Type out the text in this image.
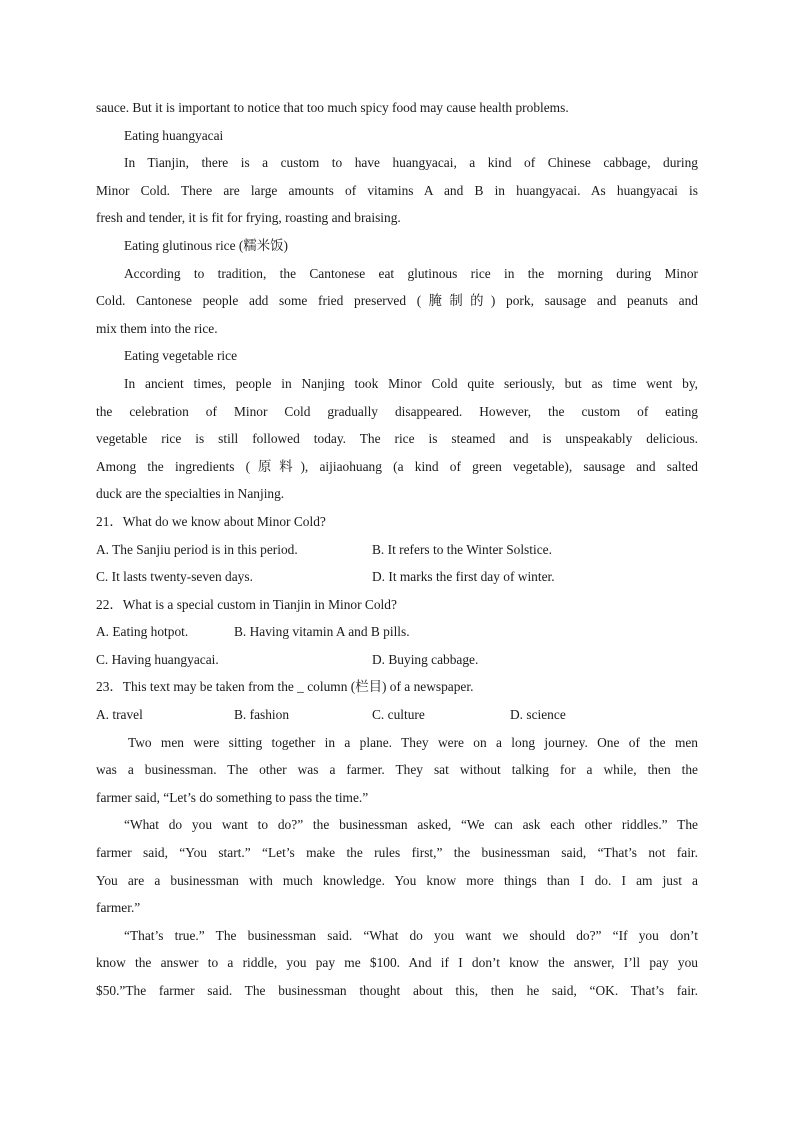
sauce. But it is important to notice that too much spicy food may cause health problems.
Eating huangyacai
In Tianjin, there is a custom to have huangyacai, a kind of Chinese cabbage, during
Minor Cold. There are large amounts of vitamins A and B in huangyacai. As huangyacai is
fresh and tender, it is fit for frying, roasting and braising.
Eating glutinous rice (糯米饭)
According to tradition, the Cantonese eat glutinous rice in the morning during Minor
Cold. Cantonese people add some fried preserved (腌制的) pork, sausage and peanuts and
mix them into the rice.
Eating vegetable rice
In ancient times, people in Nanjing took Minor Cold quite seriously, but as time went by,
the celebration of Minor Cold gradually disappeared. However, the custom of eating
vegetable rice is still followed today. The rice is steamed and is unspeakably delicious.
Among the ingredients (原料), aijiaohuang (a kind of green vegetable), sausage and salted
duck are the specialties in Nanjing.
21．What do we know about Minor Cold?
A. The Sanjiu period is in this period.	B. It refers to the Winter Solstice.
C. It lasts twenty-seven days.	D. It marks the first day of winter.
22．What is a special custom in Tianjin in Minor Cold?
A. Eating hotpot.	B. Having vitamin A and B pills.
C. Having huangyacai.	D. Buying cabbage.
23．This text may be taken from the _ column (栏目) of a newspaper.
A. travel	B. fashion	C. culture	D. science
Two men were sitting together in a plane. They were on a long journey. One of the men
was a businessman. The other was a farmer. They sat without talking for a while, then the
farmer said, “Let’s do something to pass the time.”
“What do you want to do?” the businessman asked, “We can ask each other riddles.” The
farmer said, “You start.” “Let’s make the rules first,” the businessman said, “That’s not fair.
You are a businessman with much knowledge. You know more things than I do. I am just a
farmer.”
“That’s true.” The businessman said. “What do you want we should do?” “If you don’t
know the answer to a riddle, you pay me $100. And if I don’t know the answer, I’ll pay you
$50.”The farmer said. The businessman thought about this, then he said, “OK. That’s fair.
